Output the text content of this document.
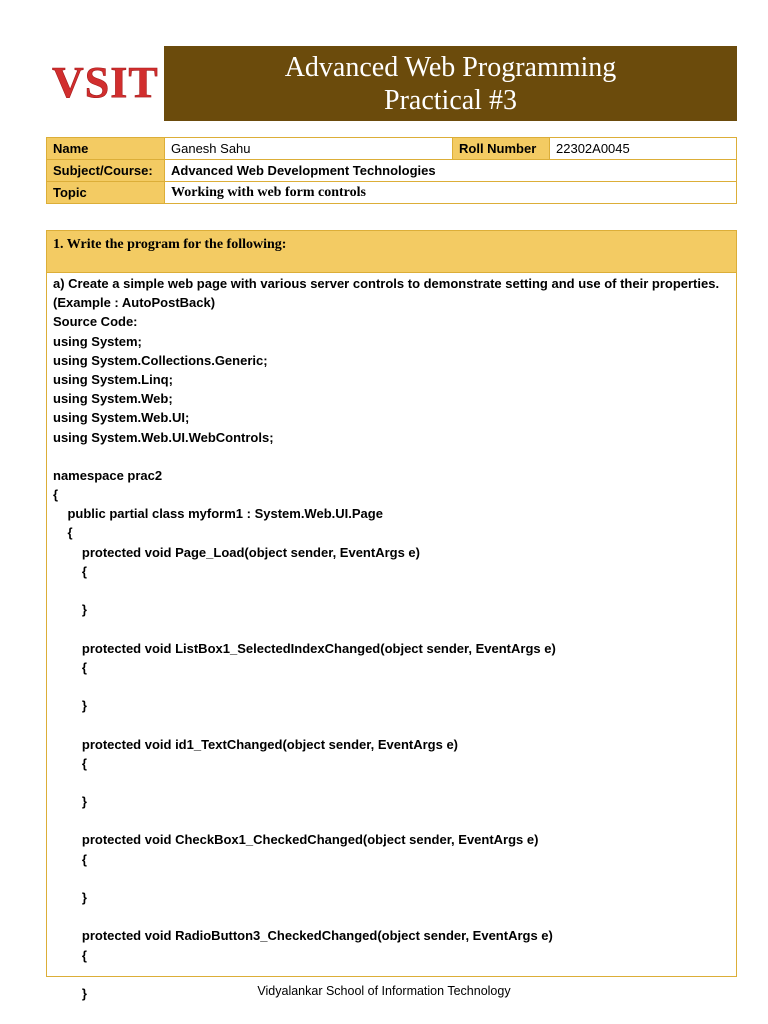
VSIT	Advanced Web Programming
Practical #3
Name	Ganesh Sahu	Roll Number	22302A0045
Subject/Course:	Advanced Web Development Technologies		
Topic	Working with web form controls		
1. Write the program for the following:
a) Create a simple web page with various server controls to demonstrate setting and use of their properties.
(Example : AutoPostBack)
Source Code:
using System;
using System.Collections.Generic;
using System.Linq;
using System.Web;
using System.Web.UI;
using System.Web.UI.WebControls;
namespace prac2
{
public partial class myform1 : System.Web.UI.Page
{
protected void Page_Load(object sender, EventArgs e)
{
}
protected void ListBox1_SelectedIndexChanged(object sender, EventArgs e)
{
}
protected void id1_TextChanged(object sender, EventArgs e)
{
}
protected void CheckBox1_CheckedChanged(object sender, EventArgs e)
{
}
protected void RadioButton3_CheckedChanged(object sender, EventArgs e)
{
}	Vidyalankar School of Information Technology
